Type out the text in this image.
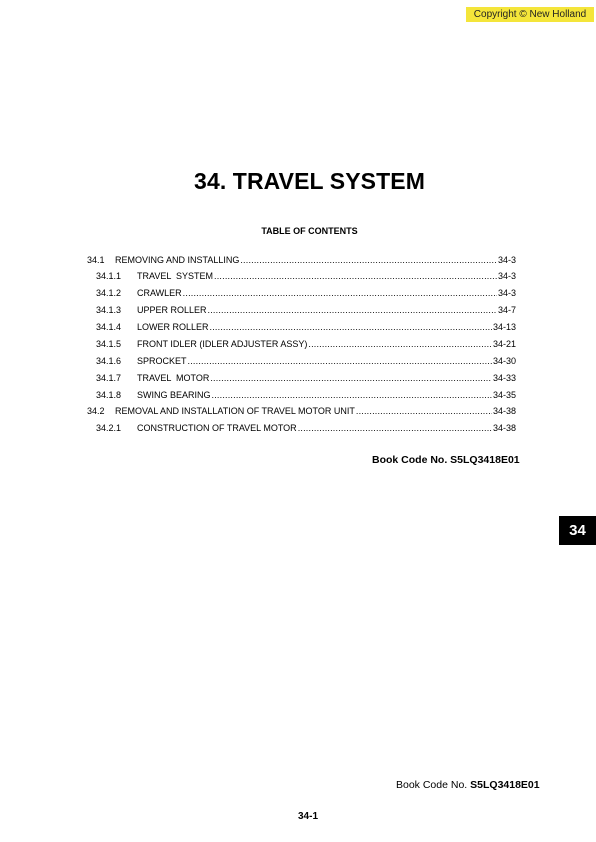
Copyright © New Holland
34. TRAVEL SYSTEM
TABLE OF CONTENTS
34.1	REMOVING AND INSTALLING .....	34-3
34.1.1	TRAVEL  SYSTEM .....	34-3
34.1.2	CRAWLER .....	34-3
34.1.3	UPPER ROLLER .....	34-7
34.1.4	LOWER ROLLER .....	34-13
34.1.5	FRONT IDLER (IDLER ADJUSTER ASSY) .....	34-21
34.1.6	SPROCKET .....	34-30
34.1.7	TRAVEL  MOTOR .....	34-33
34.1.8	SWING BEARING .....	34-35
34.2	REMOVAL AND INSTALLATION OF TRAVEL MOTOR UNIT .....	34-38
34.2.1	CONSTRUCTION OF TRAVEL MOTOR .....	34-38
Book Code No. S5LQ3418E01
34
Book Code No. S5LQ3418E01
34-1
